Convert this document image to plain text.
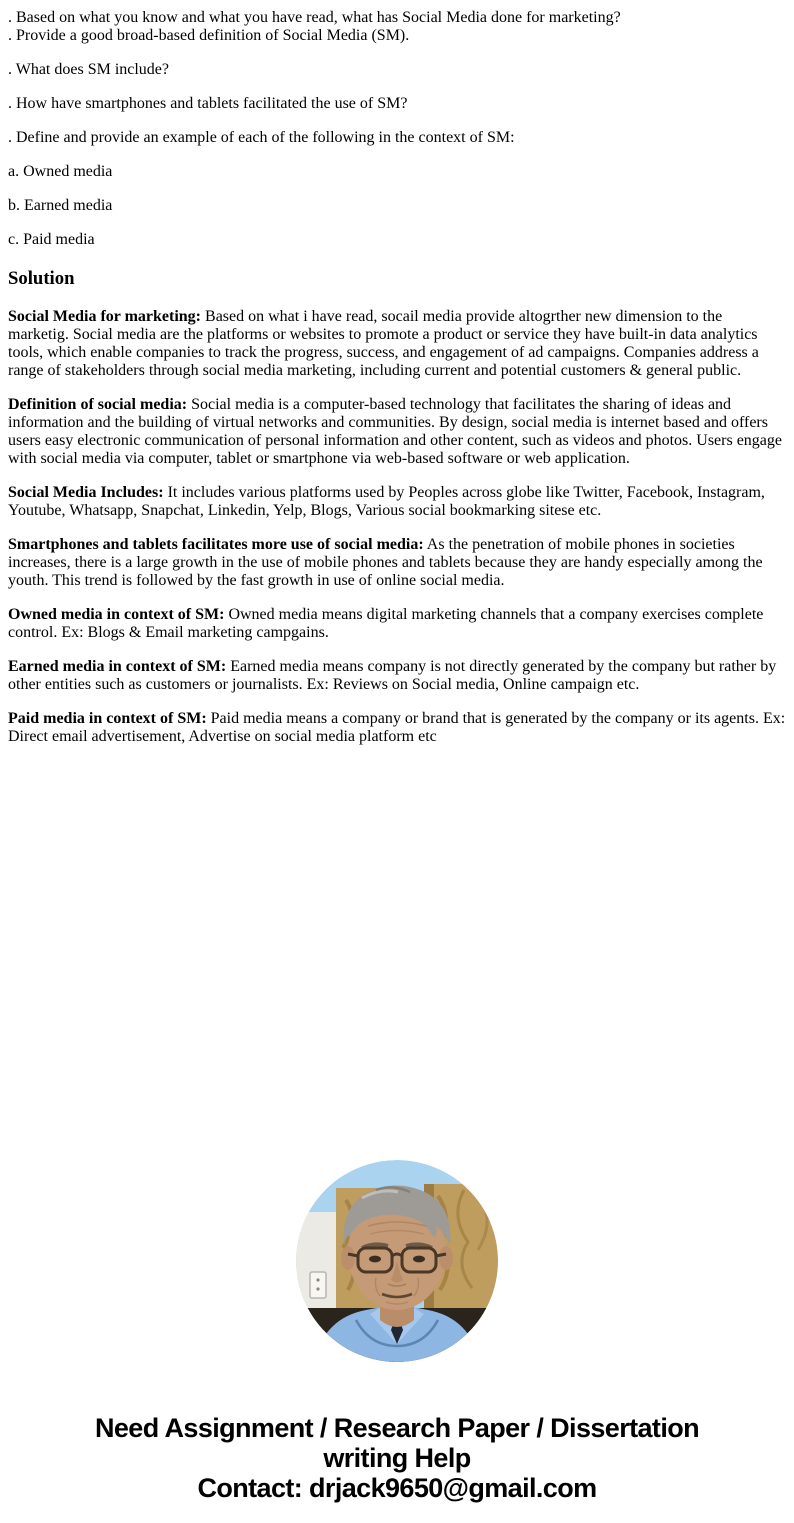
. Based on what you know and what you have read, what has Social Media done for marketing?
. Provide a good broad-based definition of Social Media (SM).

. What does SM include?

. How have smartphones and tablets facilitated the use of SM?

. Define and provide an example of each of the following in the context of SM:

a. Owned media

b. Earned media

c. Paid media

Solution

Social Media for marketing: Based on what i have read, socail media provide altogrther new dimension to the marketig. Social media are the platforms or websites to promote a product or service they have built-in data analytics tools, which enable companies to track the progress, success, and engagement of ad campaigns. Companies address a range of stakeholders through social media marketing, including current and potential customers & general public.

Definition of social media: Social media is a computer-based technology that facilitates the sharing of ideas and information and the building of virtual networks and communities. By design, social media is internet based and offers users easy electronic communication of personal information and other content, such as videos and photos. Users engage with social media via computer, tablet or smartphone via web-based software or web application.

Social Media Includes: It includes various platforms used by Peoples across globe like Twitter, Facebook, Instagram, Youtube, Whatsapp, Snapchat, Linkedin, Yelp, Blogs, Various social bookmarking sitese etc.

Smartphones and tablets facilitates more use of social media: As the penetration of mobile phones in societies increases, there is a large growth in the use of mobile phones and tablets because they are handy especially among the youth. This trend is followed by the fast growth in use of online social media.

Owned media in context of SM: Owned media means digital marketing channels that a company exercises complete control. Ex: Blogs & Email marketing campgains.

Earned media in context of SM: Earned media means company is not directly generated by the company but rather by other entities such as customers or journalists. Ex: Reviews on Social media, Online campaign etc.

Paid media in context of SM: Paid media means a company or brand that is generated by the company or its agents. Ex: Direct email advertisement, Advertise on social media platform etc

Need Assignment / Research Paper / Dissertation
writing Help
Contact: drjack9650@gmail.com
